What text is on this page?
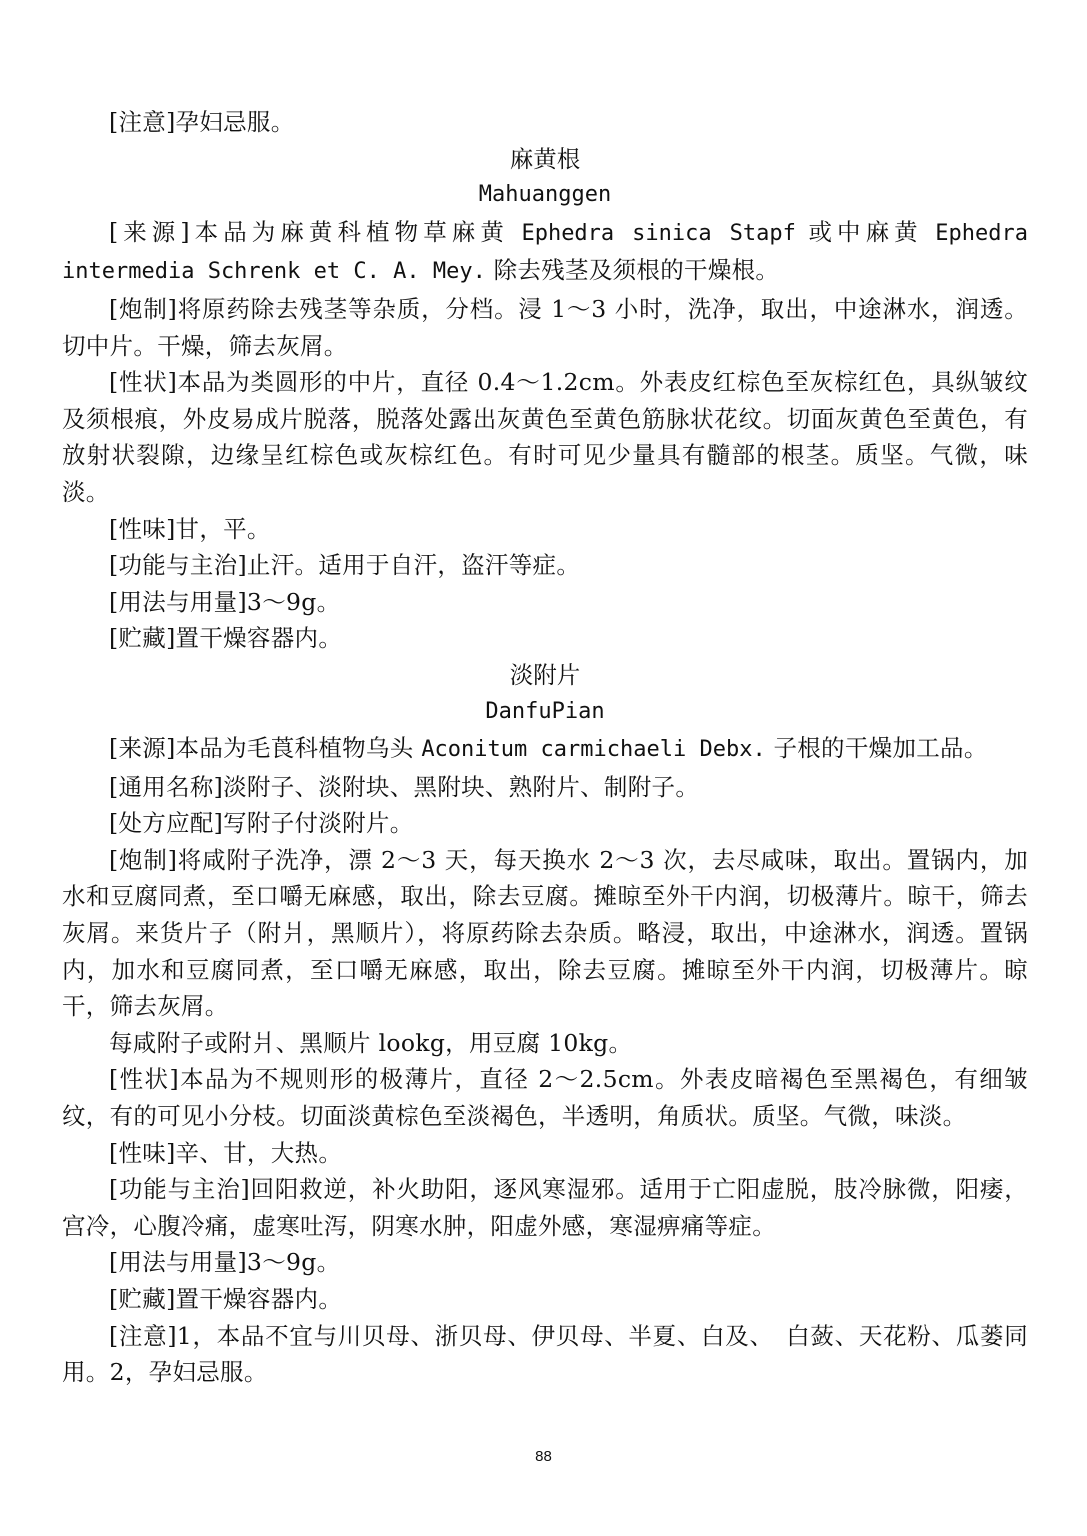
[注意]孕妇忌服。

麻黄根

Mahuanggen

[来源]本品为麻黄科植物草麻黄 Ephedra sinica Stapf 或中麻黄 Ephedra intermedia Schrenk et C. A. Mey. 除去残茎及须根的干燥根。

[炮制]将原药除去残茎等杂质，分档。浸 1～3 小时，洗净，取出，中途淋水，润透。切中片。干燥，筛去灰屑。

[性状]本品为类圆形的中片，直径 0.4～1.2cm。外表皮红棕色至灰棕红色，具纵皱纹及须根痕，外皮易成片脱落，脱落处露出灰黄色至黄色筋脉状花纹。切面灰黄色至黄色，有放射状裂隙，边缘呈红棕色或灰棕红色。有时可见少量具有髓部的根茎。质坚。气微，味淡。

[性味]甘，平。

[功能与主治]止汗。适用于自汗，盗汗等症。

[用法与用量]3～9g。

[贮藏]置干燥容器内。

淡附片

DanfuPian

[来源]本品为毛莨科植物乌头 Aconitum carmichaeli Debx. 子根的干燥加工品。

[通用名称]淡附子、淡附块、黑附块、熟附片、制附子。

[处方应配]写附子付淡附片。

[炮制]将咸附子洗净，漂 2～3 天，每天换水 2～3 次，去尽咸味，取出。置锅内，加水和豆腐同煮，至口嚼无麻感，取出，除去豆腐。摊晾至外干内润，切极薄片。晾干，筛去灰屑。来货片子（附爿，黑顺片），将原药除去杂质。略浸，取出，中途淋水，润透。置锅内，加水和豆腐同煮，至口嚼无麻感，取出，除去豆腐。摊晾至外干内润，切极薄片。晾干，筛去灰屑。

每咸附子或附爿、黑顺片 lookg，用豆腐 10kg。

[性状]本品为不规则形的极薄片，直径 2～2.5cm。外表皮暗褐色至黑褐色，有细皱纹，有的可见小分枝。切面淡黄棕色至淡褐色，半透明，角质状。质坚。气微，味淡。

[性味]辛、甘，大热。

[功能与主治]回阳救逆，补火助阳，逐风寒湿邪。适用于亡阳虚脱，肢冷脉微，阳痿，宫冷，心腹冷痛，虚寒吐泻，阴寒水肿，阳虚外感，寒湿痹痛等症。

[用法与用量]3～9g。

[贮藏]置干燥容器内。

[注意]1，本品不宜与川贝母、浙贝母、伊贝母、半夏、白及、　白蔹、天花粉、瓜蒌同用。2，孕妇忌服。

88
